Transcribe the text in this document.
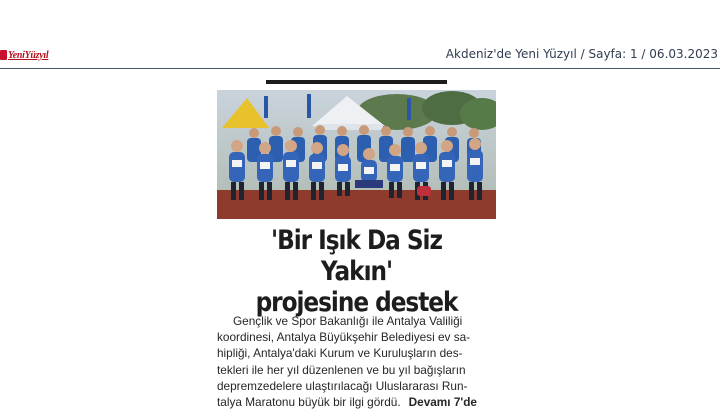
YeniYüzyıl	Akdeniz'de Yeni Yüzyıl / Sayfa: 1 / 06.03.2023
'Bir Işık Da Siz Yakın'
projesine destek
Gençlik ve Spor Bakanlığı ile Antalya Valiliği
koordinesi, Antalya Büyükşehir Belediyesi ev sa-
hipliği, Antalya'daki Kurum ve Kuruluşların des-
tekleri ile her yıl düzenlenen ve bu yıl bağışların
depremzedelere ulaştırılacağı Uluslararası Run-
talya Maratonu büyük bir ilgi gördü. Devamı 7'de
